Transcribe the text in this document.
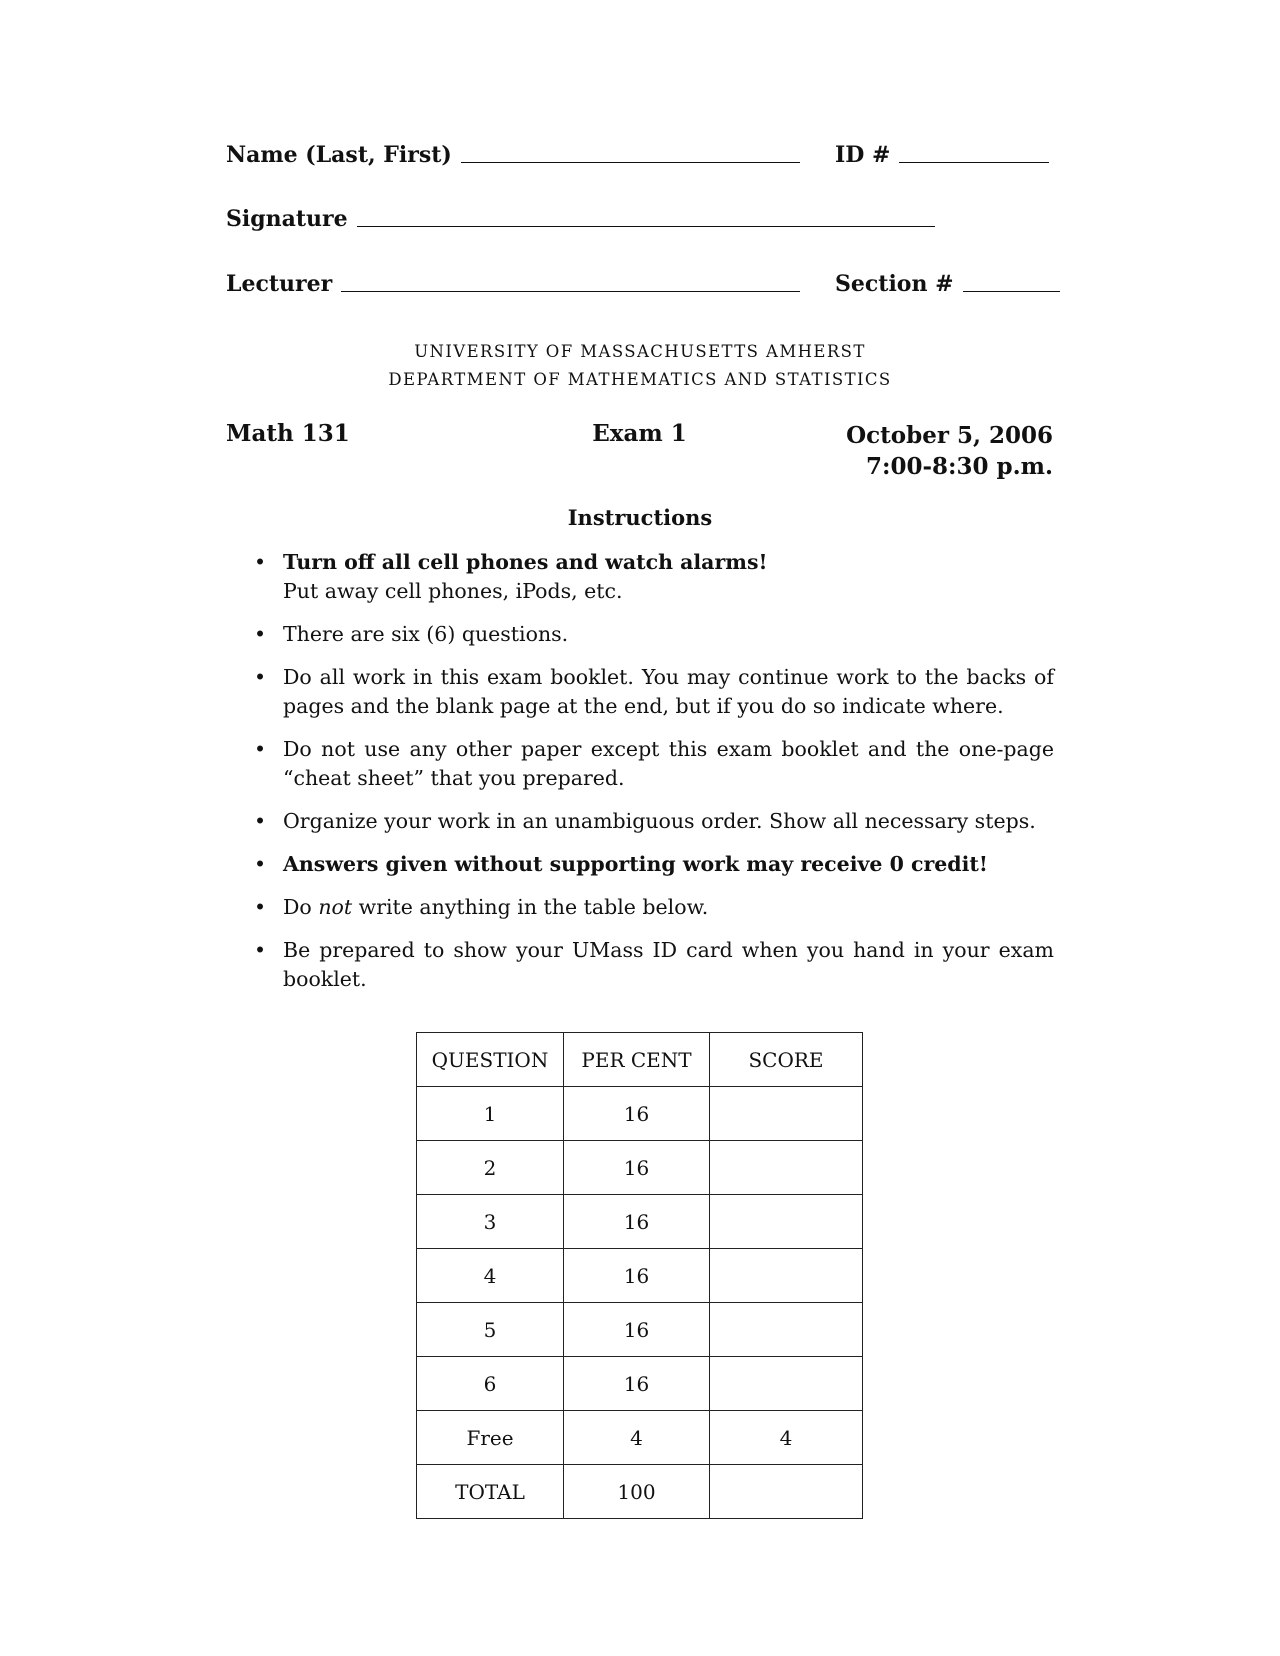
Name (Last, First)	ID #
Signature
Lecturer	Section #
UNIVERSITY OF MASSACHUSETTS AMHERST
DEPARTMENT OF MATHEMATICS AND STATISTICS
Math 131	Exam 1	October 5, 2006
7:00-8:30 p.m.
Instructions
• Turn off all cell phones and watch alarms!
Put away cell phones, iPods, etc.
• There are six (6) questions.
• Do all work in this exam booklet. You may continue work to the backs of pages and the blank page at the end, but if you do so indicate where.
• Do not use any other paper except this exam booklet and the one-page “cheat sheet” that you prepared.
• Organize your work in an unambiguous order. Show all necessary steps.
• Answers given without supporting work may receive 0 credit!
• Do not write anything in the table below.
• Be prepared to show your UMass ID card when you hand in your exam booklet.
QUESTION	PER CENT	SCORE
1	16	
2	16	
3	16	
4	16	
5	16	
6	16	
Free	4	4
TOTAL	100	
